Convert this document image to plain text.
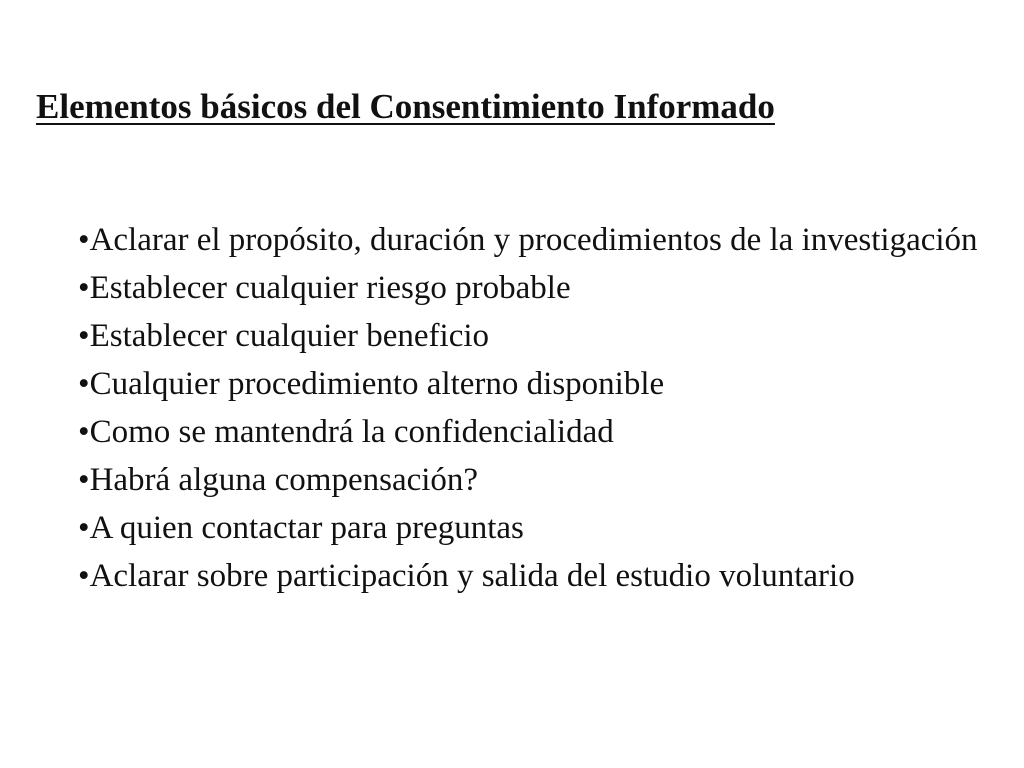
Elementos básicos del Consentimiento Informado
• Aclarar el propósito, duración y procedimientos de la investigación
• Establecer cualquier riesgo probable
• Establecer cualquier beneficio
• Cualquier procedimiento alterno disponible
• Como se mantendrá la confidencialidad
• Habrá alguna compensación?
• A quien contactar para preguntas
• Aclarar sobre participación y salida del estudio voluntario
